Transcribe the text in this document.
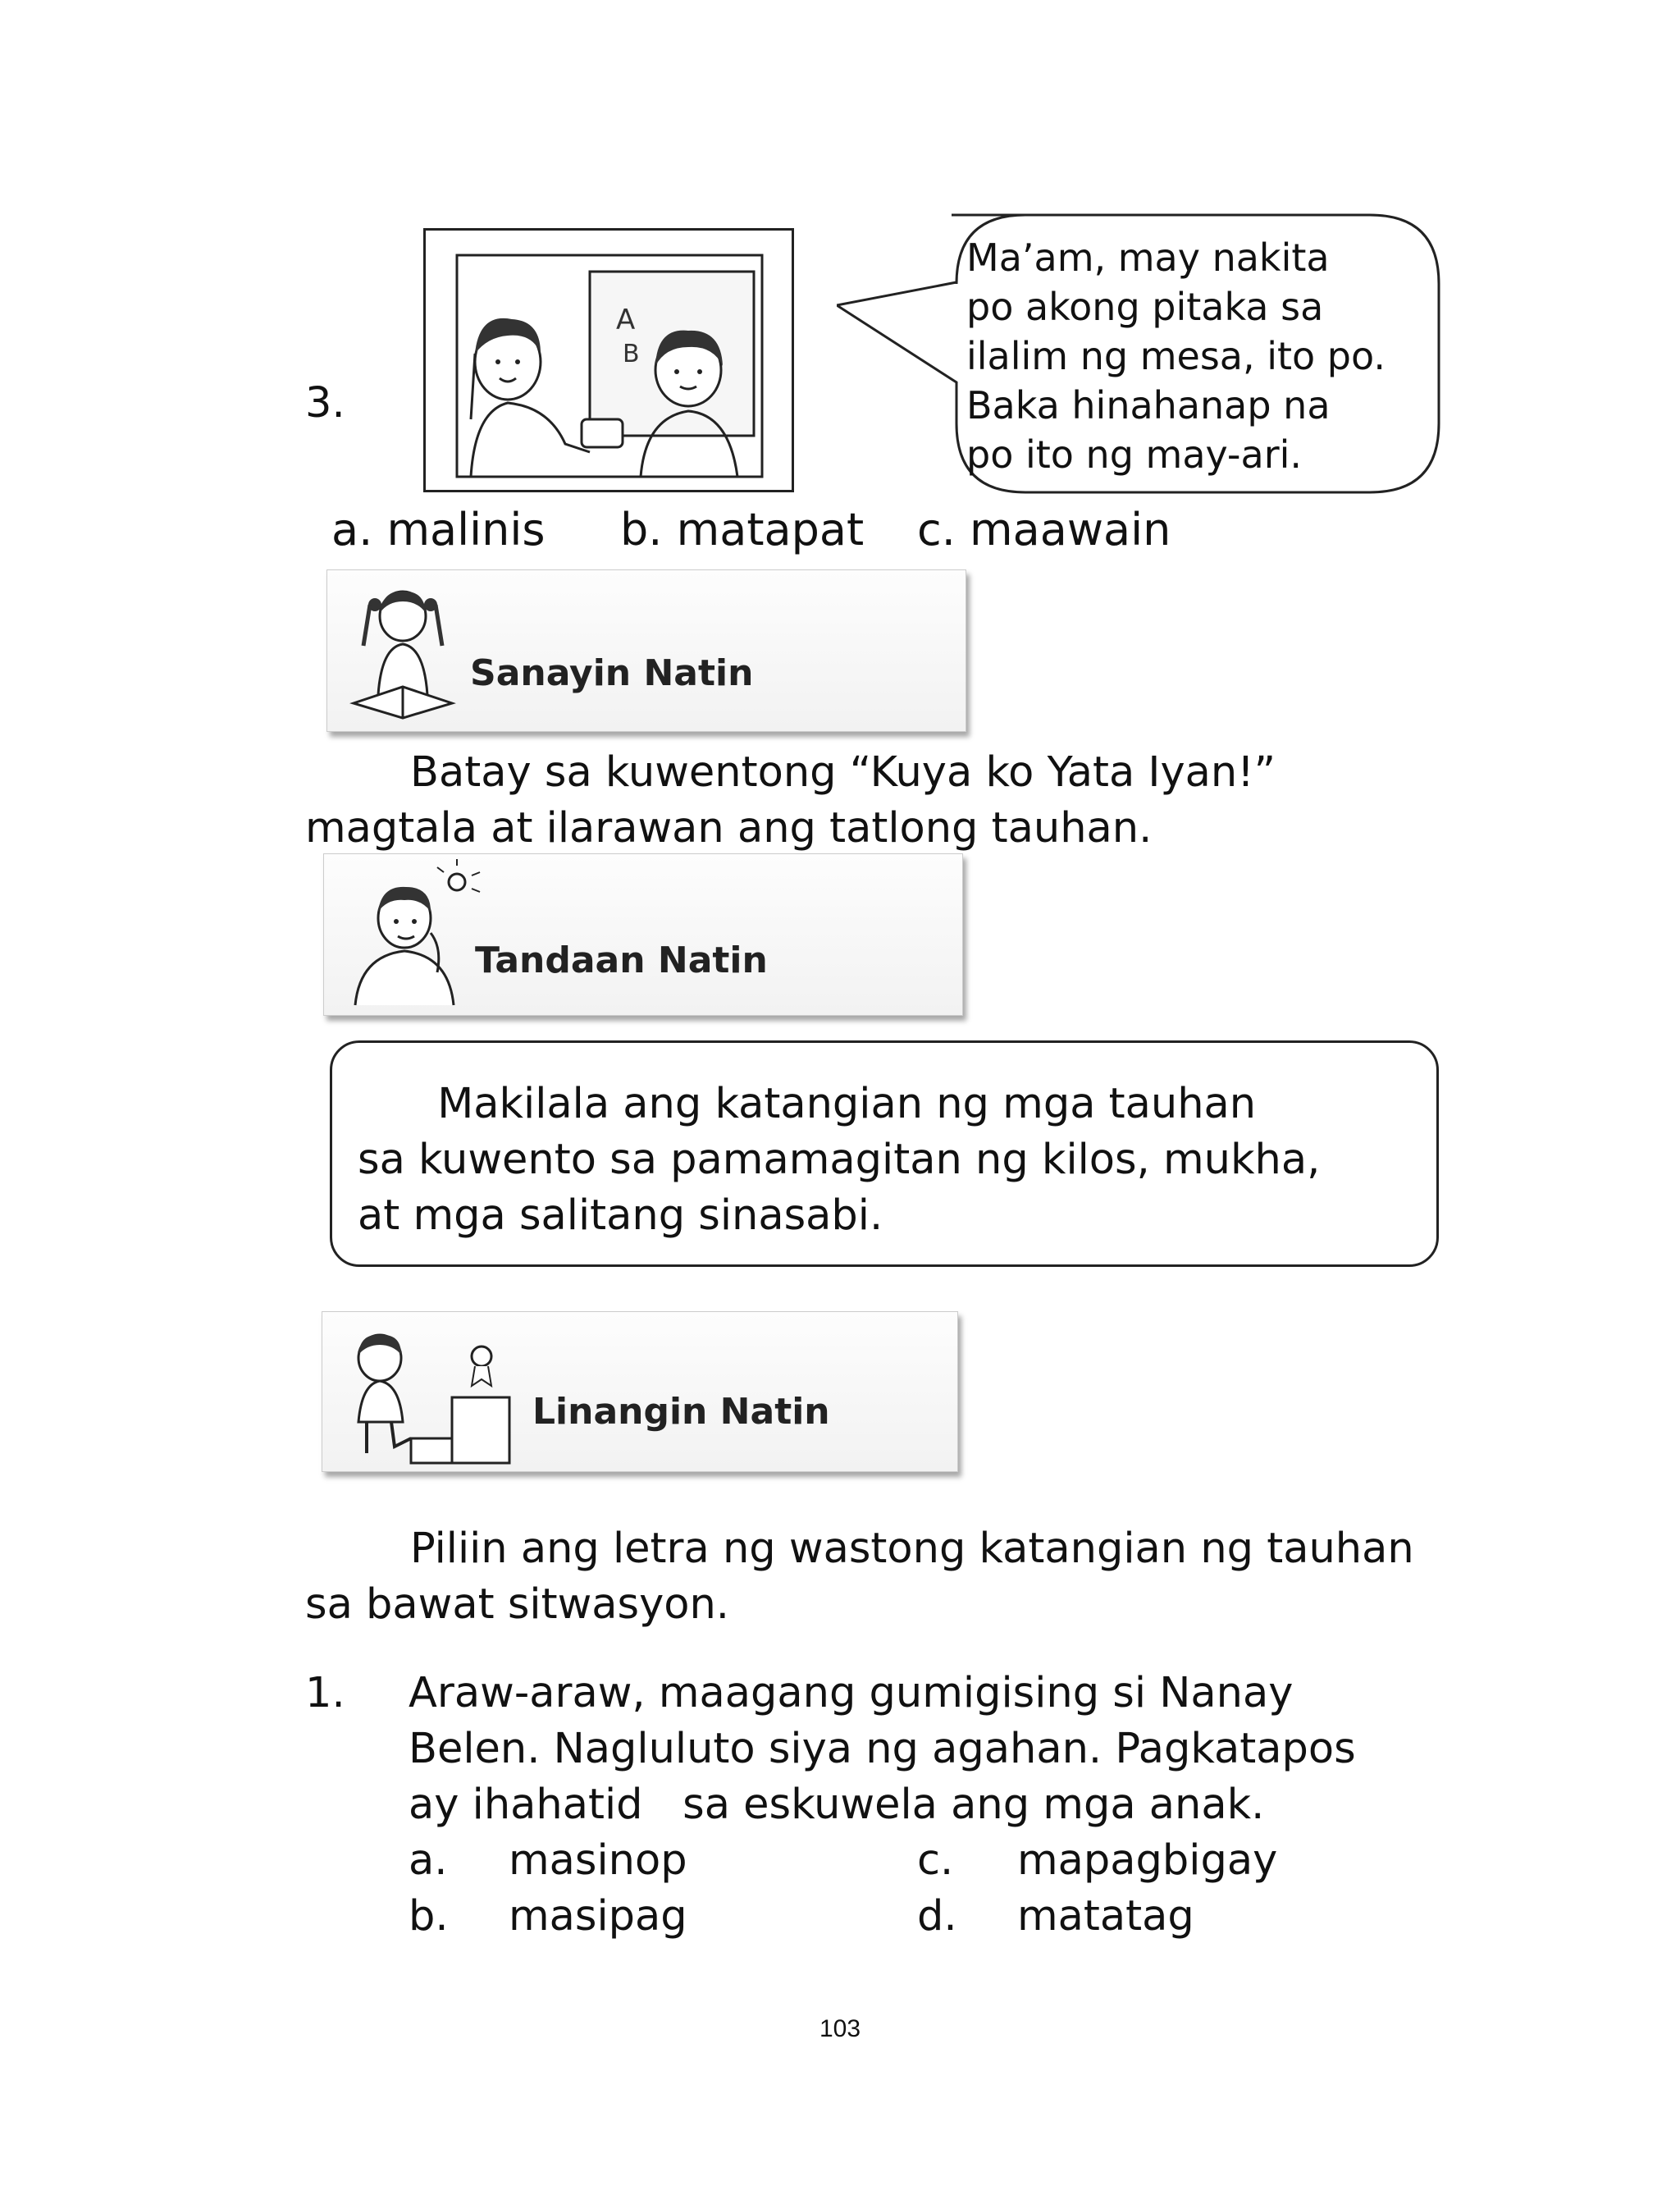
3.
A
B
Ma’am, may nakita
po akong pitaka sa
ilalim ng mesa, ito po.
Baka hinahanap na
po ito ng may-ari.
a. malinis b. matapat c. maawain
Sanayin Natin
Batay sa kuwentong “Kuya ko Yata Iyan!”
magtala at ilarawan ang tatlong tauhan.
Tandaan Natin
Makilala ang katangian ng mga tauhan
sa kuwento sa pamamagitan ng kilos, mukha,
at mga salitang sinasabi.
Linangin Natin
Piliin ang letra ng wastong katangian ng tauhan
sa bawat sitwasyon.
1. Araw-araw, maagang gumigising si Nanay
Belen. Nagluluto siya ng agahan. Pagkatapos
ay ihahatid   sa eskuwela ang mga anak.
a. masinop	c. mapagbigay
b. masipag	d. matatag
103
